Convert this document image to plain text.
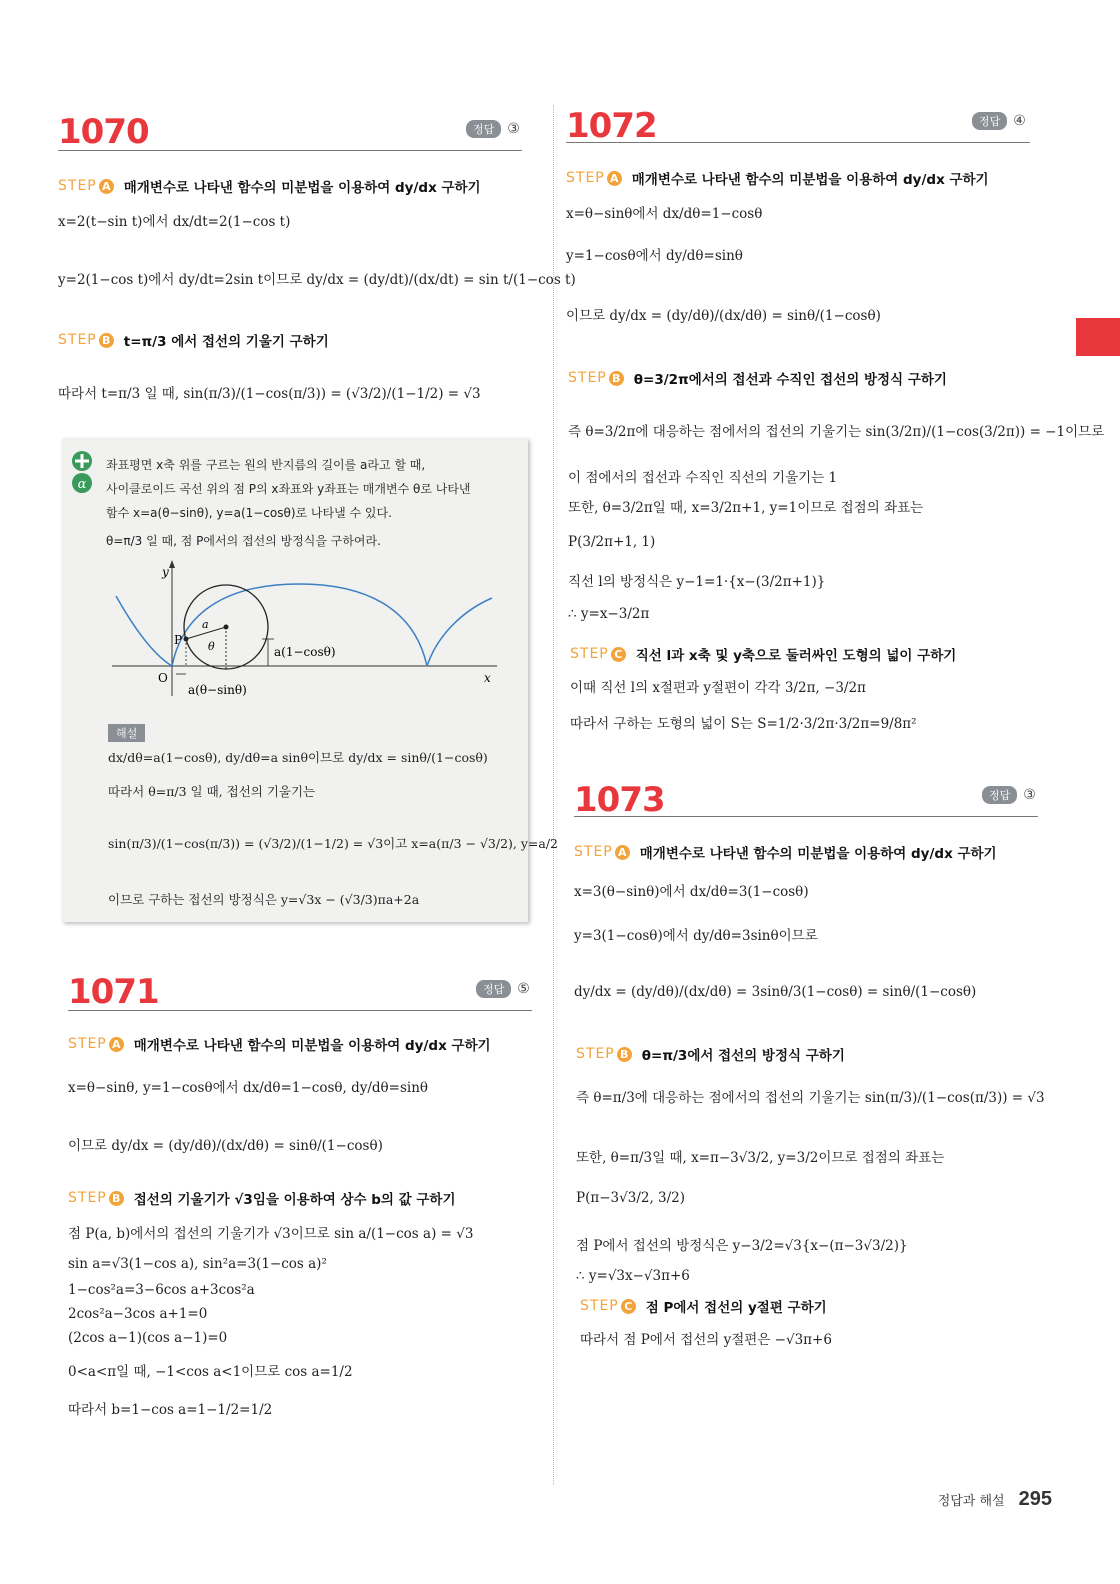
1070	정답 ③
STEP A 매개변수로 나타낸 함수의 미분법을 이용하여 dy/dx 구하기
x=2(t−sin t)에서 dx/dt=2(1−cos t)
y=2(1−cos t)에서 dy/dt=2sin t이므로 dy/dx = (dy/dt)/(dx/dt) = sin t/(1−cos t)
STEP B t=π/3 에서 접선의 기울기 구하기
따라서 t=π/3 일 때, sin(π/3)/(1−cos(π/3)) = (√3/2)/(1−1/2) = √3
α
좌표평면 x축 위를 구르는 원의 반지름의 길이를 a라고 할 때,
사이클로이드 곡선 위의 점 P의 x좌표와 y좌표는 매개변수 θ로 나타낸
함수 x=a(θ−sinθ), y=a(1−cosθ)로 나타낼 수 있다.
θ=π/3 일 때, 점 P에서의 접선의 방정식을 구하여라.
y
x
O
P
a
θ	a(1−cosθ)
a(θ−sinθ)
해설
dx/dθ=a(1−cosθ), dy/dθ=a sinθ이므로 dy/dx = sinθ/(1−cosθ)
따라서 θ=π/3 일 때, 접선의 기울기는
sin(π/3)/(1−cos(π/3)) = (√3/2)/(1−1/2) = √3이고 x=a(π/3 − √3/2), y=a/2
이므로 구하는 접선의 방정식은 y=√3x − (√3/3)πa+2a
1071	정답 ⑤
STEP A 매개변수로 나타낸 함수의 미분법을 이용하여 dy/dx 구하기
x=θ−sinθ, y=1−cosθ에서 dx/dθ=1−cosθ, dy/dθ=sinθ
이므로 dy/dx = (dy/dθ)/(dx/dθ) = sinθ/(1−cosθ)
STEP B 접선의 기울기가 √3임을 이용하여 상수 b의 값 구하기
점 P(a, b)에서의 접선의 기울기가 √3이므로 sin a/(1−cos a) = √3
sin a=√3(1−cos a), sin²a=3(1−cos a)²
1−cos²a=3−6cos a+3cos²a
2cos²a−3cos a+1=0
(2cos a−1)(cos a−1)=0
0<a<π일 때, −1<cos a<1이므로 cos a=1/2
따라서 b=1−cos a=1−1/2=1/2
1072	정답 ④
STEP A 매개변수로 나타낸 함수의 미분법을 이용하여 dy/dx 구하기
x=θ−sinθ에서 dx/dθ=1−cosθ
y=1−cosθ에서 dy/dθ=sinθ
이므로 dy/dx = (dy/dθ)/(dx/dθ) = sinθ/(1−cosθ)
STEP B θ=3/2π에서의 접선과 수직인 접선의 방정식 구하기
즉 θ=3/2π에 대응하는 점에서의 접선의 기울기는 sin(3/2π)/(1−cos(3/2π)) = −1이므로
이 점에서의 접선과 수직인 직선의 기울기는 1
또한, θ=3/2π일 때, x=3/2π+1, y=1이므로 접점의 좌표는
P(3/2π+1, 1)
직선 l의 방정식은 y−1=1·{x−(3/2π+1)}
∴ y=x−3/2π
STEP C 직선 l과 x축 및 y축으로 둘러싸인 도형의 넓이 구하기
이때 직선 l의 x절편과 y절편이 각각 3/2π, −3/2π
따라서 구하는 도형의 넓이 S는 S=1/2·3/2π·3/2π=9/8π²
1073	정답 ③
STEP A 매개변수로 나타낸 함수의 미분법을 이용하여 dy/dx 구하기
x=3(θ−sinθ)에서 dx/dθ=3(1−cosθ)
y=3(1−cosθ)에서 dy/dθ=3sinθ이므로
dy/dx = (dy/dθ)/(dx/dθ) = 3sinθ/3(1−cosθ) = sinθ/(1−cosθ)
STEP B θ=π/3에서 접선의 방정식 구하기
즉 θ=π/3에 대응하는 점에서의 접선의 기울기는 sin(π/3)/(1−cos(π/3)) = √3
또한, θ=π/3일 때, x=π−3√3/2, y=3/2이므로 접점의 좌표는
P(π−3√3/2, 3/2)
점 P에서 접선의 방정식은 y−3/2=√3{x−(π−3√3/2)}
∴ y=√3x−√3π+6
STEP C 점 P에서 접선의 y절편 구하기
따라서 점 P에서 접선의 y절편은 −√3π+6
정답과 해설 295
